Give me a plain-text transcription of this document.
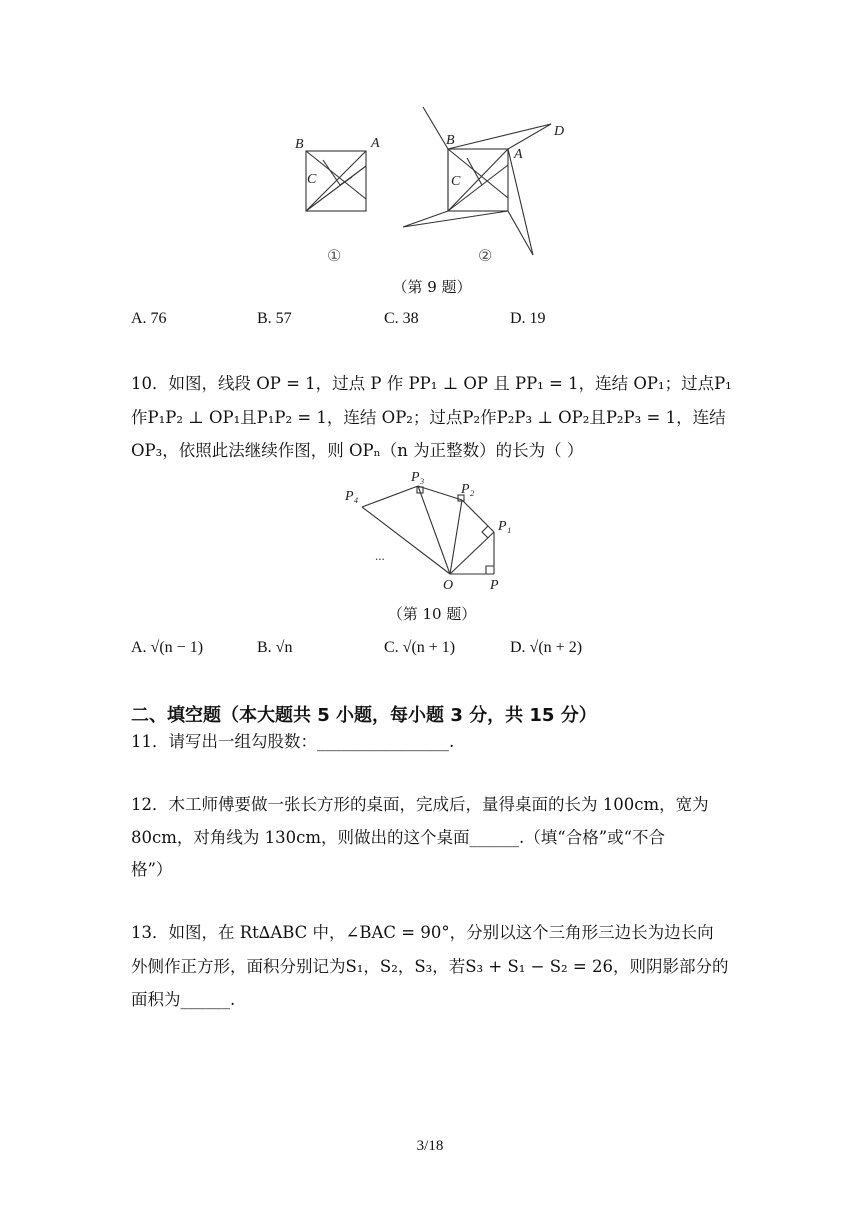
B	A
C
B
A
C
D
①	②
（第 9 题）
A. 76	B. 57	C. 38	D. 19
10．如图，线段 OP = 1，过点 P 作 PP₁ ⊥ OP 且 PP₁ = 1，连结 OP₁；过点P₁
作P₁P₂ ⊥ OP₁且P₁P₂ = 1，连结 OP₂；过点P₂作P₂P₃ ⊥ OP₂且P₂P₃ = 1，连结
OP₃，依照此法继续作图，则 OPₙ（n 为正整数）的长为（ ）
P₄
P₃
P₂
P₁
O	P
...
（第 10 题）
A. √(n − 1)	B. √n	C. √(n + 1)	D. √(n + 2)
二、填空题（本大题共 5 小题，每小题 3 分，共 15 分）
11．请写出一组勾股数：________________.
12．木工师傅要做一张长方形的桌面，完成后，量得桌面的长为 100cm，宽为
80cm，对角线为 130cm，则做出的这个桌面______.（填“合格”或“不合
格”）
13．如图，在 Rt∆ABC 中，∠BAC = 90°，分别以这个三角形三边长为边长向
外侧作正方形，面积分别记为S₁，S₂，S₃，若S₃ + S₁ − S₂ = 26，则阴影部分的
面积为______.
3/18
